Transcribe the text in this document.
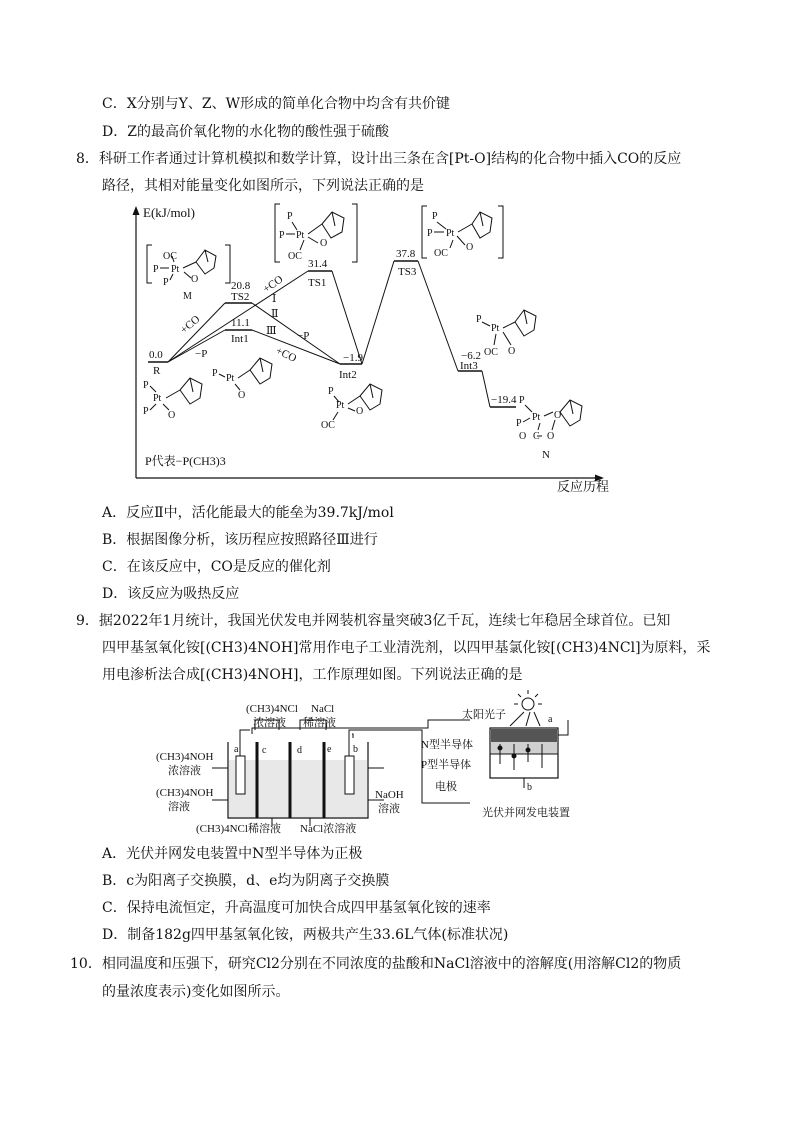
C．X分别与Y、Z、W形成的简单化合物中均含有共价键
D．Z的最高价氧化物的水化物的酸性强于硫酸
8．科研工作者通过计算机模拟和数学计算，设计出三条在含[Pt-O]结构的化合物中插入CO的反应
路径，其相对能量变化如图所示，下列说法正确的是
E(kJ/mol)
反应历程
P代表−P(CH3)3
0.0
R
20.8
TS2
11.1
Int1
31.4
TS1
−1.9
Int2
37.8
TS3
−6.2
Int3
−19.4
N
Ⅰ
Ⅱ
Ⅲ
+CO
−P
+CO
−P
+CO
OC
P Pt
P O
M
P
P Pt
O
OC
P
P Pt
OC
O
P
P
Pt
O
P Pt
O	P
Pt
O
OC
P
Pt
OC O
P
P
Pt
O C O
O
A．反应Ⅱ中，活化能最大的能垒为39.7kJ/mol
B．根据图像分析，该历程应按照路径Ⅲ进行
C．在该反应中，CO是反应的催化剂
D．该反应为吸热反应
9．据2022年1月统计，我国光伏发电并网装机容量突破3亿千瓦，连续七年稳居全球首位。已知
四甲基氢氧化铵[(CH3)4NOH]常用作电子工业清洗剂，以四甲基氯化铵[(CH3)4NCl]为原料，采
用电渗析法合成[(CH3)4NOH]，工作原理如图。下列说法正确的是
(CH3)4NCl
浓溶液
NaCl
稀溶液
(CH3)4NOH
浓溶液
(CH3)4NOH
溶液
NaOH
溶液
(CH3)4NCl稀溶液 NaCl浓溶液
a c	d	e b
太阳光子
N型半导体
P型半导体
电极
a
b
光伏并网发电装置
A．光伏并网发电装置中N型半导体为正极
B．c为阳离子交换膜，d、e均为阴离子交换膜
C．保持电流恒定，升高温度可加快合成四甲基氢氧化铵的速率
D．制备182g四甲基氢氧化铵，两极共产生33.6L气体(标准状况)
10．相同温度和压强下，研究Cl2分别在不同浓度的盐酸和NaCl溶液中的溶解度(用溶解Cl2的物质
的量浓度表示)变化如图所示。
